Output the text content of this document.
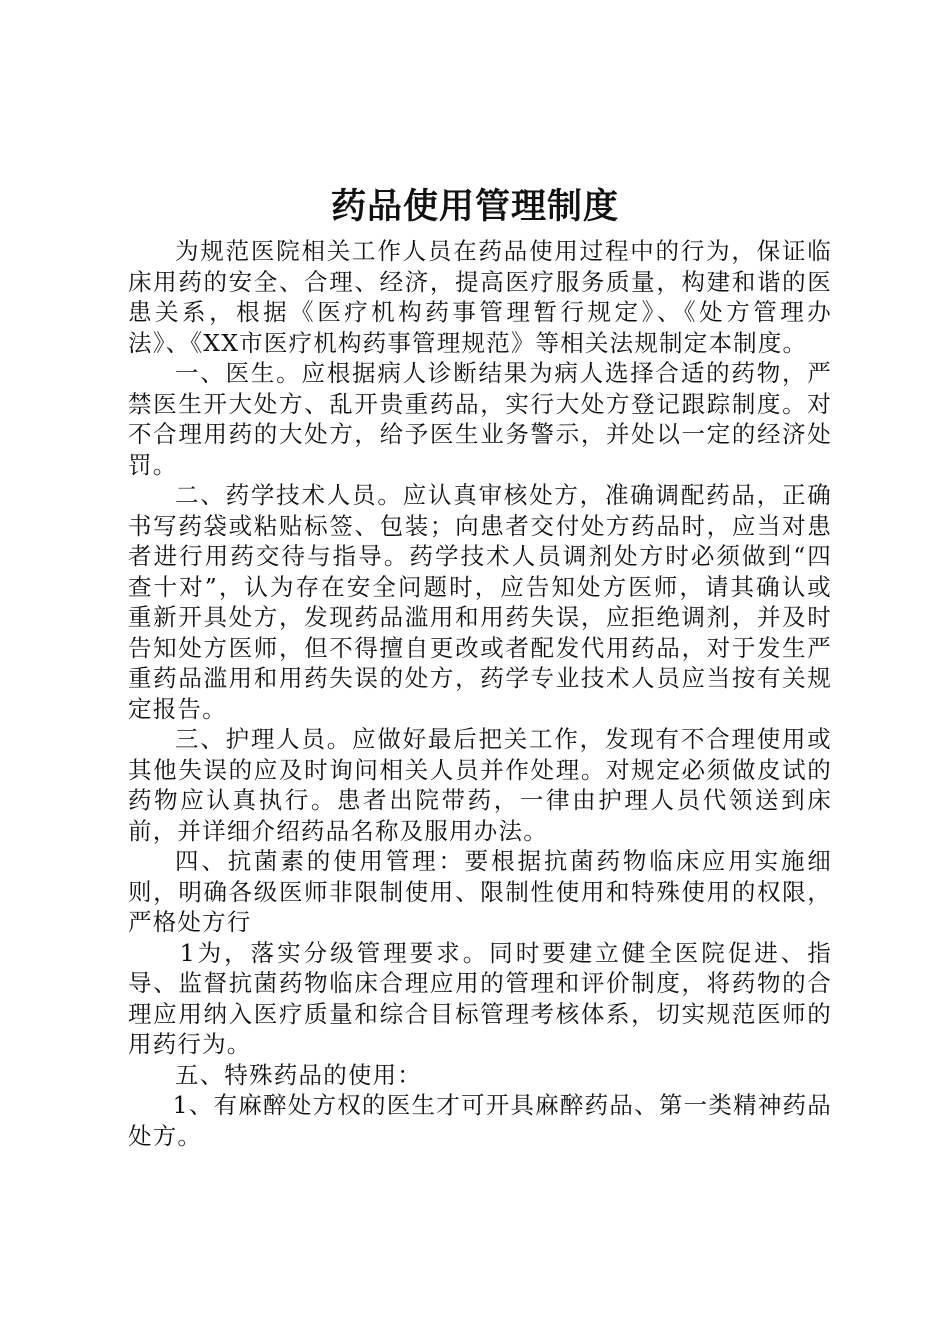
药品使用管理制度

为规范医院相关工作人员在药品使用过程中的行为，保证临床用药的安全、合理、经济，提高医疗服务质量，构建和谐的医患关系，根据《医疗机构药事管理暂行规定》、《处方管理办法》、《XX市医疗机构药事管理规范》等相关法规制定本制度。

一、医生。应根据病人诊断结果为病人选择合适的药物，严禁医生开大处方、乱开贵重药品，实行大处方登记跟踪制度。对不合理用药的大处方，给予医生业务警示，并处以一定的经济处罚。

二、药学技术人员。应认真审核处方，准确调配药品，正确书写药袋或粘贴标签、包装；向患者交付处方药品时，应当对患者进行用药交待与指导。药学技术人员调剂处方时必须做到“四查十对”，认为存在安全问题时，应告知处方医师，请其确认或重新开具处方，发现药品滥用和用药失误，应拒绝调剂，并及时告知处方医师，但不得擅自更改或者配发代用药品，对于发生严重药品滥用和用药失误的处方，药学专业技术人员应当按有关规定报告。

三、护理人员。应做好最后把关工作，发现有不合理使用或其他失误的应及时询问相关人员并作处理。对规定必须做皮试的药物应认真执行。患者出院带药，一律由护理人员代领送到床前，并详细介绍药品名称及服用办法。

四、抗菌素的使用管理：要根据抗菌药物临床应用实施细则，明确各级医师非限制使用、限制性使用和特殊使用的权限，严格处方行

1为，落实分级管理要求。同时要建立健全医院促进、指导、监督抗菌药物临床合理应用的管理和评价制度，将药物的合理应用纳入医疗质量和综合目标管理考核体系，切实规范医师的用药行为。

五、特殊药品的使用：

1、有麻醉处方权的医生才可开具麻醉药品、第一类精神药品处方。
